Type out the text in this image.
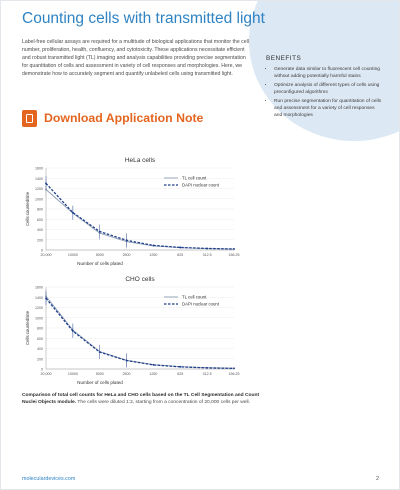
Counting cells with transmitted light
Label-free cellular assays are required for a multitude of biological applications that monitor the cell number, proliferation, health, confluency, and cytotoxicity. These applications necessitate efficient and robust transmitted light (TL) imaging and analysis capabilities providing precise segmentation for quantitation of cells and assessment in variety of cell responses and morphologies. Here, we demonstrate how to accurately segment and quantify unlabeled cells using transmitted light.
BENEFITS
• Generate data similar to fluorescent cell counting without adding potentially harmful stains
• Optimize analysis of different types of cells using preconfigured algorithms
• Run precise segmentation for quantitation of cells and assessment for a variety of cell responses and morphologies
Download Application Note
HeLa cells
0
200
400
600
800
1000
1200
1400
1600
20,000	10000	5000	2500	1250	625	312.5	156.25
Number of cells plated
Cells counted/site
TL cell count
DAPI nuclear count
CHO cells
0
200
400
600
800
1000
1200
1400
1600
20,000	10000	5000	2500	1250	625	312.5	156.25
Number of cells plated
Cells counted/site
TL cell count
DAPI nuclear count
Comparison of total cell counts for HeLa and CHO cells based on the TL Cell Segmentation and Count Nuclei Objects module. The cells were diluted 1:2, starting from a concentration of 20,000 cells per well.
moleculardevices.com	2
